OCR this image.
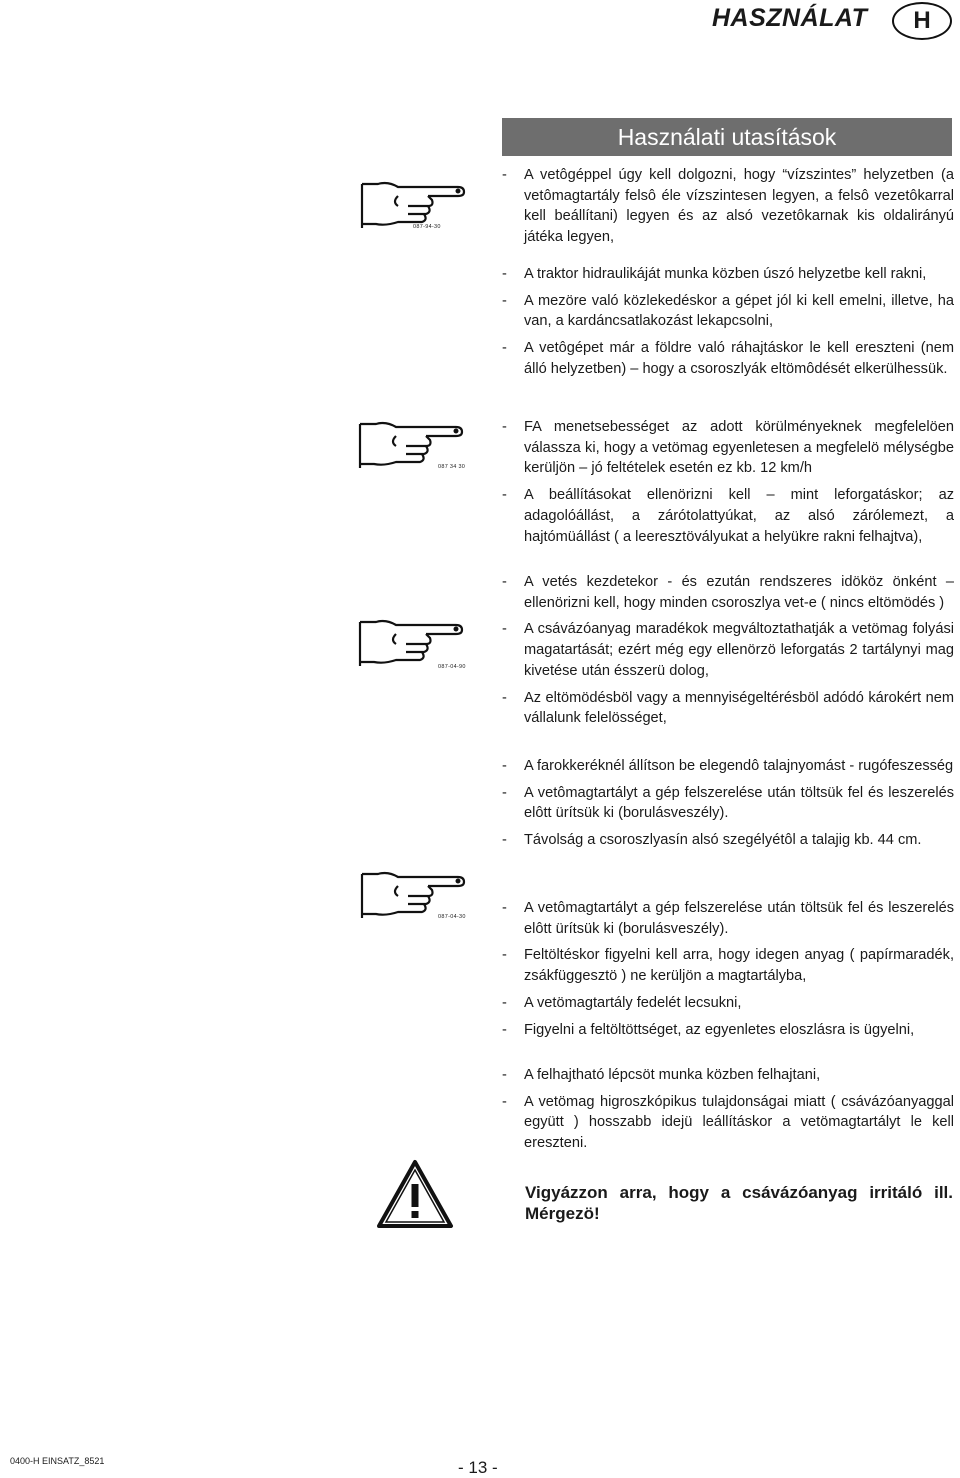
HASZNÁLAT	H
Használati utasítások
- A vetôgéppel úgy kell dolgozni, hogy “vízszintes” helyzetben (a vetômagtartály felsô éle vízszintesen legyen, a felsô vezetôkarral kell beállítani) legyen és az alsó vezetôkarnak kis oldalirányú játéka legyen,
- A traktor hidraulikáját munka közben úszó helyzetbe kell rakni,
- A mezöre való közlekedéskor a gépet jól ki kell emelni, illetve, ha van, a kardáncsatlakozást lekapcsolni,
- A vetôgépet már a földre való ráhajtáskor le kell ereszteni (nem álló helyzetben) – hogy a csoroszlyák eltömôdését elkerülhessük.
- FA menetsebességet az adott körülményeknek megfelelöen válassza ki, hogy a vetömag egyenletesen a megfelelö mélységbe kerüljön – jó feltételek esetén ez kb. 12 km/h
- A beállításokat ellenörizni kell – mint leforgatáskor; az adagolóállást, a zárótolattyúkat, az alsó zárólemezt, a hajtómüállást ( a leeresztövályukat a helyükre rakni felhajtva),
- A vetés kezdetekor - és ezután rendszeres idököz önként – ellenörizni kell, hogy minden csoroszlya vet-e ( nincs eltömödés )
- A csávázóanyag maradékok megváltoztathatják a vetömag folyási magatartását; ezért még egy ellenörzö leforgatás 2 tartálynyi mag kivetése után ésszerü dolog,
- Az eltömödésböl vagy a mennyiségeltérésböl adódó károkért nem vállalunk felelösséget,
- A farokkeréknél állítson be elegendô talajnyomást - rugófeszesség
- A vetômagtartályt a gép felszerelése után töltsük fel és leszerelés elôtt ürítsük ki (borulásveszély).
- Távolság a csoroszlyasín alsó szegélyétôl a talajig kb. 44 cm.
- A vetômagtartályt a gép felszerelése után töltsük fel és leszerelés elôtt ürítsük ki (borulásveszély).
- Feltöltéskor figyelni kell arra, hogy idegen anyag ( papírmaradék, zsákfüggesztö ) ne kerüljön a magtartályba,
- A vetömagtartály fedelét lecsukni,
- Figyelni a feltöltöttséget, az egyenletes eloszlásra is ügyelni,
- A felhajtható lépcsöt munka közben felhajtani,
- A vetömag higroszkópikus tulajdonságai miatt ( csávázóanyaggal együtt ) hosszabb idejü leállításkor a vetömagtartályt le kell ereszteni.
087-94-30
087 34 30
087-04-90
087-04-30
Vigyázzon arra, hogy a csávázóanyag irritáló ill. Mérgezö!
0400-H EINSATZ_8521	- 13 -
